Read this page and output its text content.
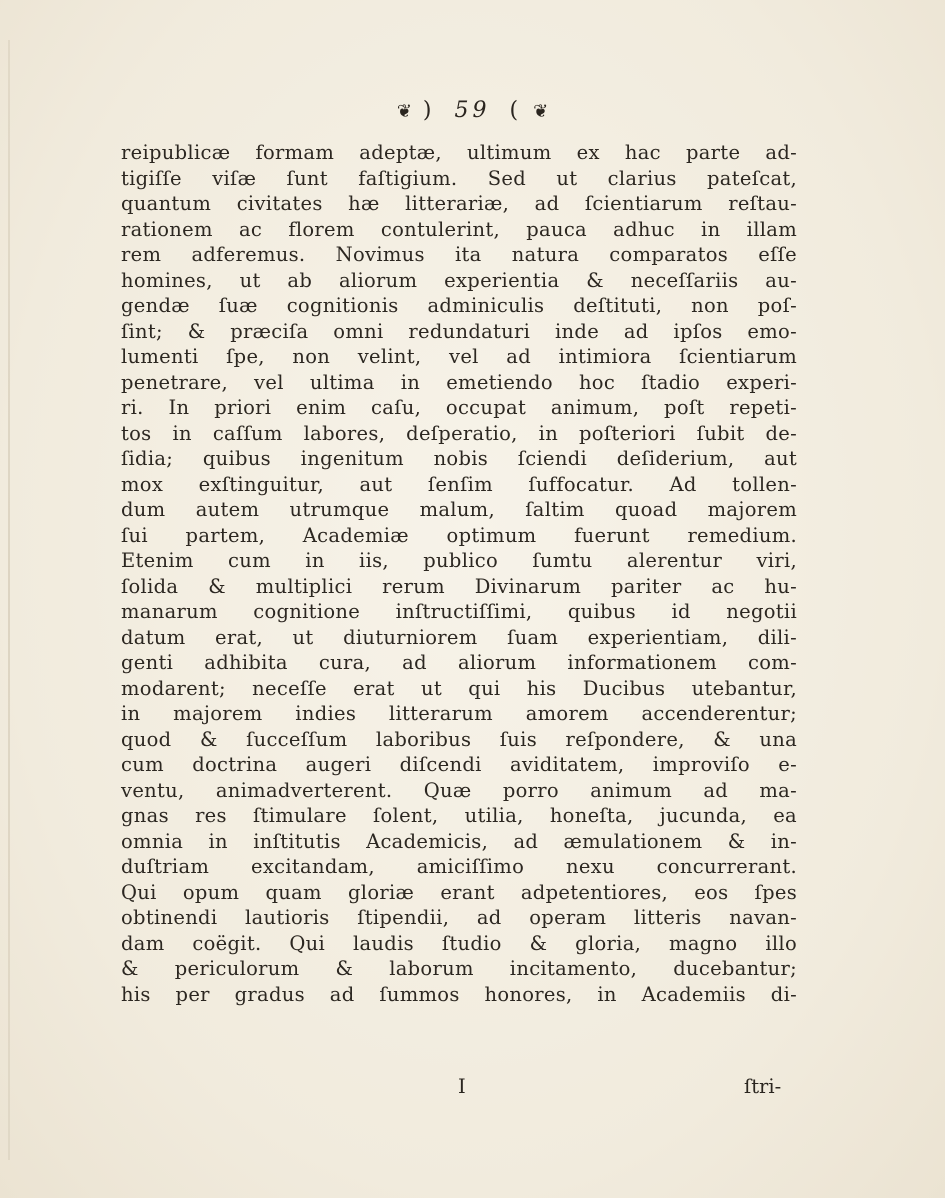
❦ ) 59 ( ❦
reipublicæ formam adeptæ, ultimum ex hac parte ad-
tigiſſe viſæ ſunt faſtigium. Sed ut clarius pateſcat,
quantum civitates hæ litterariæ, ad ſcientiarum reſtau-
rationem ac florem contulerint, pauca adhuc in illam
rem adferemus. Novimus ita natura comparatos eſſe
homines, ut ab aliorum experientia & neceſſariis au-
gendæ ſuæ cognitionis adminiculis deſtituti, non poſ-
ſint; & præciſa omni redundaturi inde ad ipſos emo-
lumenti ſpe, non velint, vel ad intimiora ſcientiarum
penetrare, vel ultima in emetiendo hoc ſtadio experi-
ri. In priori enim caſu, occupat animum, poſt repeti-
tos in caſſum labores, deſperatio, in poſteriori ſubit de-
ſidia; quibus ingenitum nobis ſciendi deſiderium, aut
mox exſtinguitur, aut ſenſim ſuffocatur. Ad tollen-
dum autem utrumque malum, ſaltim quoad majorem
ſui partem, Academiæ optimum fuerunt remedium.
Etenim cum in iis, publico ſumtu alerentur viri,
ſolida & multiplici rerum Divinarum pariter ac hu-
manarum cognitione inſtructiſſimi, quibus id negotii
datum erat, ut diuturniorem ſuam experientiam, dili-
genti adhibita cura, ad aliorum informationem com-
modarent; neceſſe erat ut qui his Ducibus utebantur,
in majorem indies litterarum amorem accenderentur;
quod & ſucceſſum laboribus ſuis reſpondere, & una
cum doctrina augeri diſcendi aviditatem, improviſo e-
ventu, animadverterent. Quæ porro animum ad ma-
gnas res ſtimulare ſolent, utilia, honeſta, jucunda, ea
omnia in inſtitutis Academicis, ad æmulationem & in-
duſtriam excitandam, amiciſſimo nexu concurrerant.
Qui opum quam gloriæ erant adpetentiores, eos ſpes
obtinendi lautioris ſtipendii, ad operam litteris navan-
dam coëgit. Qui laudis ſtudio & gloria, magno illo
& periculorum & laborum incitamento, ducebantur;
his per gradus ad ſummos honores, in Academiis di-
I	ſtri-
